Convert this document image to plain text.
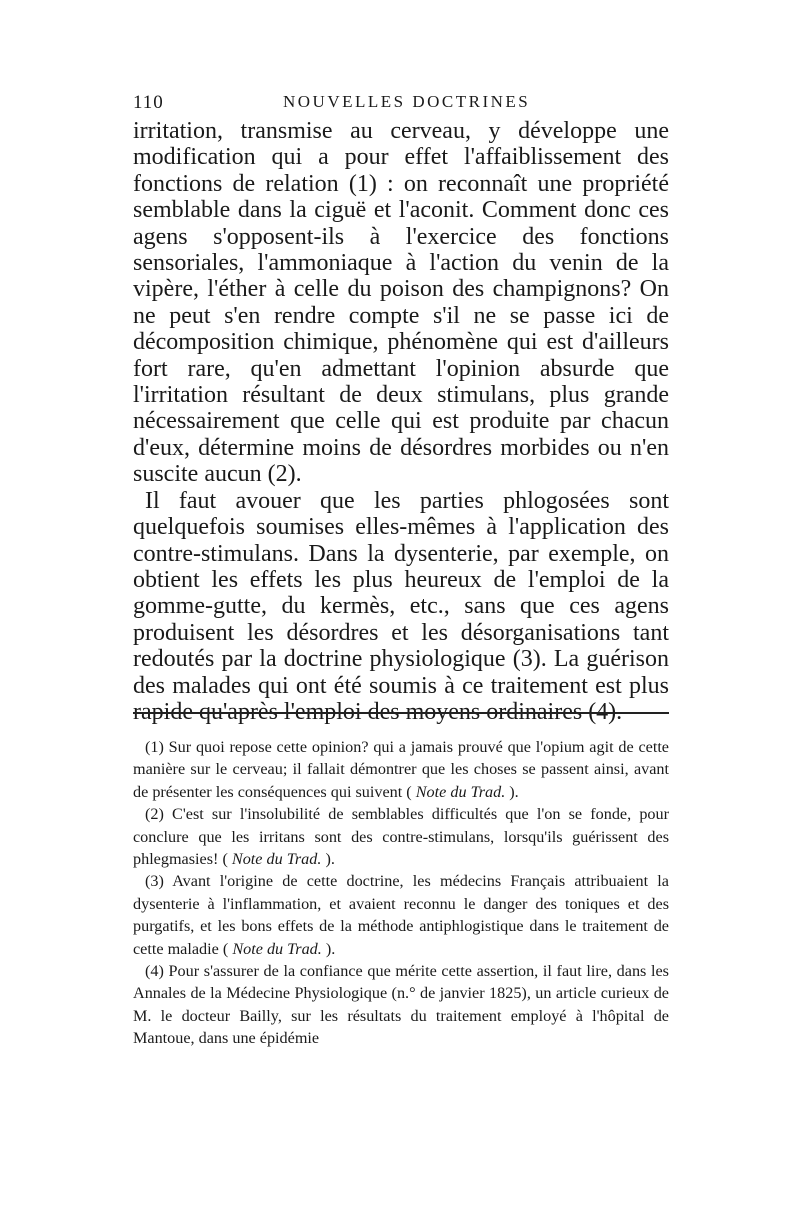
110	NOUVELLES DOCTRINES

irritation, transmise au cerveau, y développe une modification qui a pour effet l'affaiblissement des fonctions de relation (1) : on reconnaît une propriété semblable dans la ciguë et l'aconit. Comment donc ces agens s'opposent-ils à l'exercice des fonctions sensoriales, l'ammoniaque à l'action du venin de la vipère, l'éther à celle du poison des champignons? On ne peut s'en rendre compte s'il ne se passe ici de décomposition chimique, phénomène qui est d'ailleurs fort rare, qu'en admettant l'opinion absurde que l'irritation résultant de deux stimulans, plus grande nécessairement que celle qui est produite par chacun d'eux, détermine moins de désordres morbides ou n'en suscite aucun (2).

Il faut avouer que les parties phlogosées sont quelquefois soumises elles-mêmes à l'application des contre-stimulans. Dans la dysenterie, par exemple, on obtient les effets les plus heureux de l'emploi de la gomme-gutte, du kermès, etc., sans que ces agens produisent les désordres et les désorganisations tant redoutés par la doctrine physiologique (3). La guérison des malades qui ont été soumis à ce traitement est plus rapide qu'après l'emploi des moyens ordinaires (4).

(1) Sur quoi repose cette opinion? qui a jamais prouvé que l'opium agit de cette manière sur le cerveau; il fallait démontrer que les choses se passent ainsi, avant de présenter les conséquences qui suivent ( Note du Trad. ).

(2) C'est sur l'insolubilité de semblables difficultés que l'on se fonde, pour conclure que les irritans sont des contre-stimulans, lorsqu'ils guérissent des phlegmasies! ( Note du Trad. ).

(3) Avant l'origine de cette doctrine, les médecins Français attribuaient la dysenterie à l'inflammation, et avaient reconnu le danger des toniques et des purgatifs, et les bons effets de la méthode antiphlogistique dans le traitement de cette maladie ( Note du Trad. ).

(4) Pour s'assurer de la confiance que mérite cette assertion, il faut lire, dans les Annales de la Médecine Physiologique (n.° de janvier 1825), un article curieux de M. le docteur Bailly, sur les résultats du traitement employé à l'hôpital de Mantoue, dans une épidémie
